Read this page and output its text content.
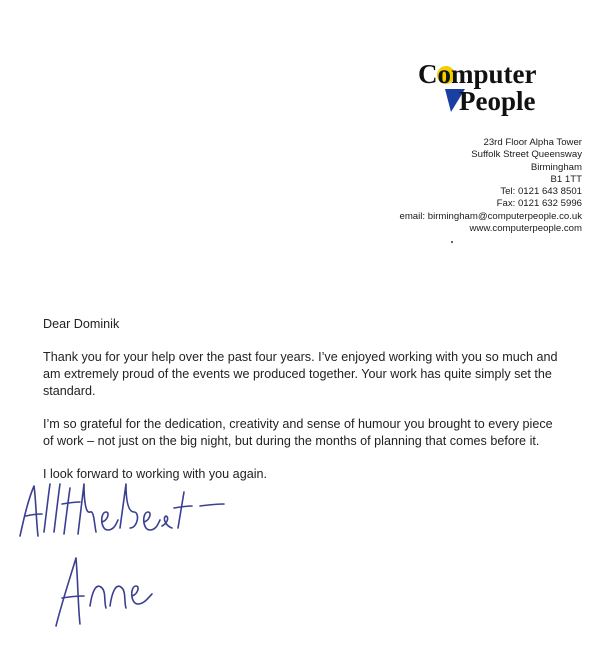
Computer
People
23rd Floor Alpha Tower
Suffolk Street Queensway
Birmingham
B1 1TT
Tel: 0121 643 8501
Fax: 0121 632 5996
email: birmingham@computerpeople.co.uk
www.computerpeople.com

Dear Dominik

Thank you for your help over the past four years. I’ve enjoyed working with you so much and am extremely proud of the events we produced together. Your work has quite simply set the standard.

I’m so grateful for the dedication, creativity and sense of humour you brought to every piece of work – not just on the big night, but during the months of planning that comes before it.

I look forward to working with you again.
